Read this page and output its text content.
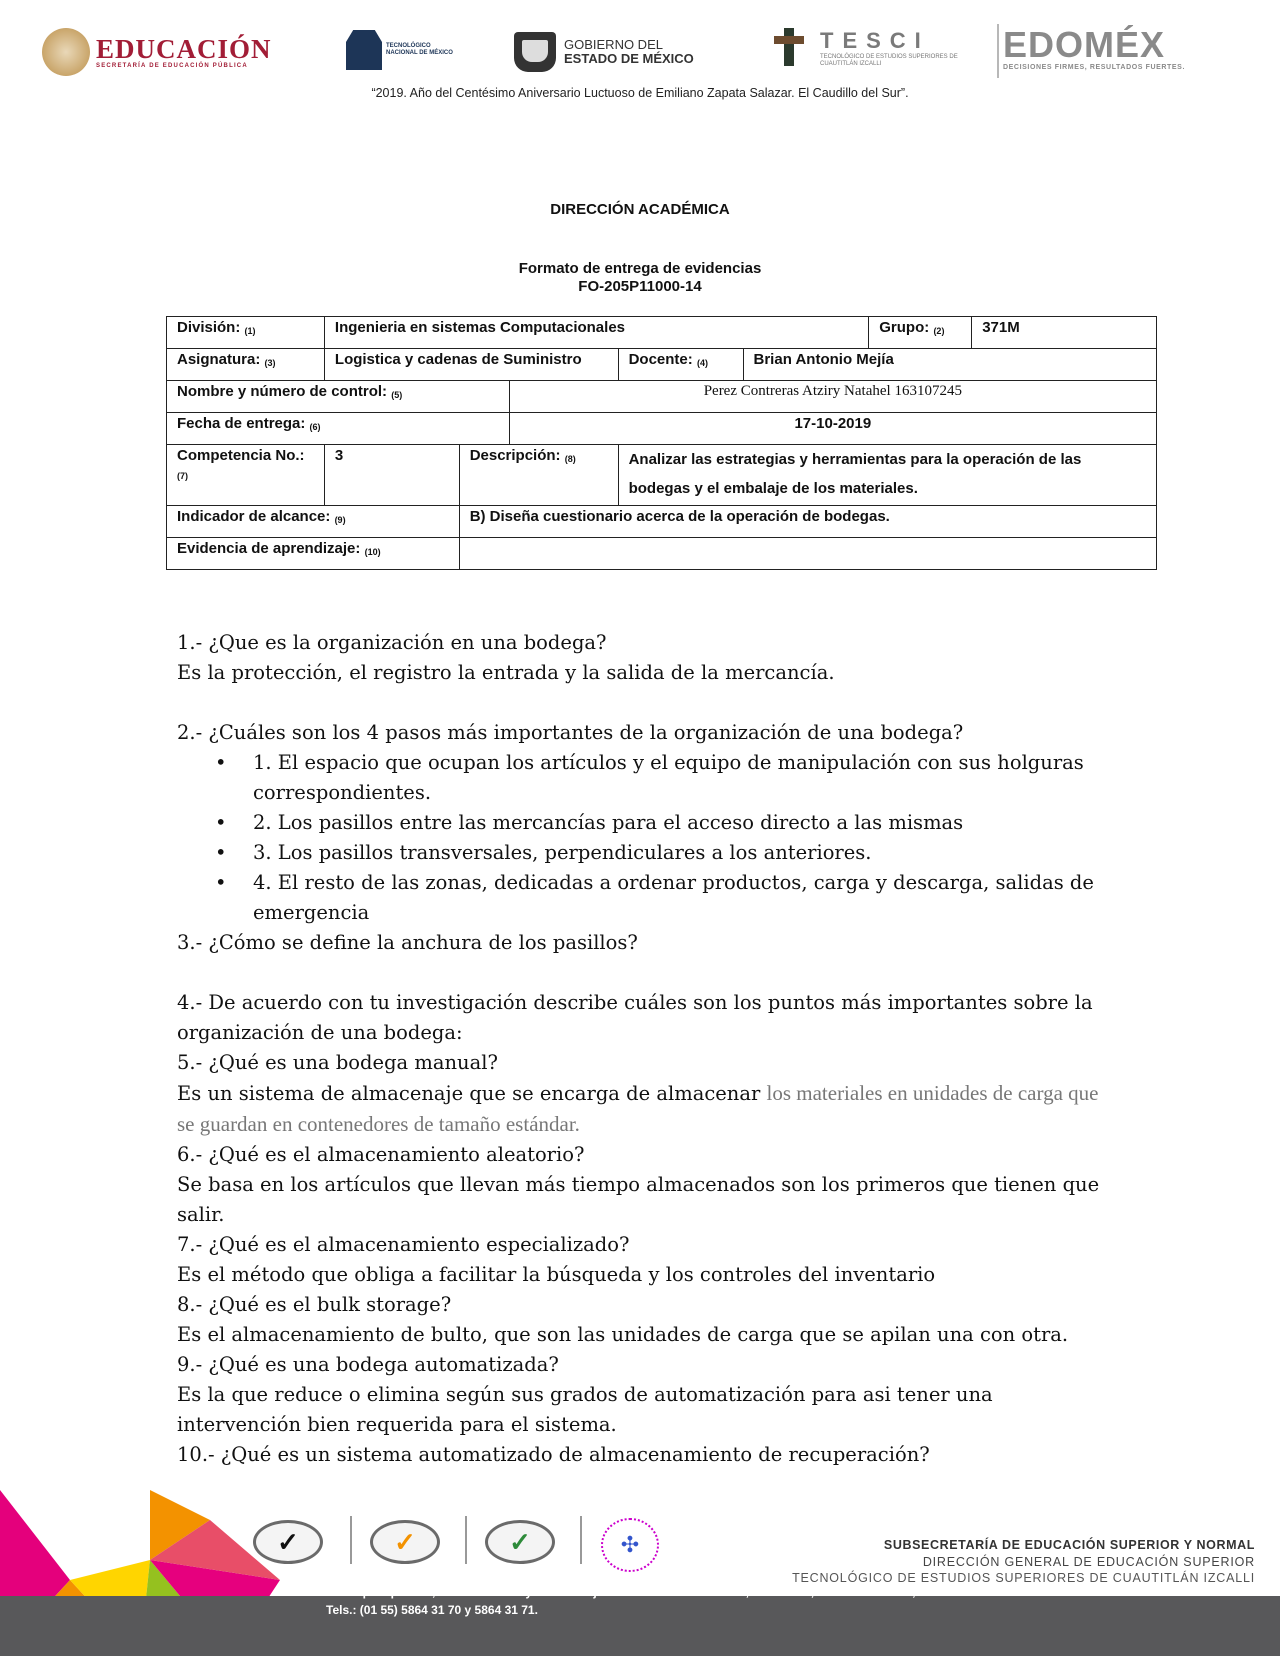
EDUCACIÓN
SECRETARÍA DE EDUCACIÓN PÚBLICA
TECNOLÓGICO NACIONAL DE MÉXICO
GOBIERNO DEL
ESTADO DE MÉXICO
TESCI
TECNOLÓGICO DE ESTUDIOS SUPERIORES DE CUAUTITLÁN IZCALLI	EDOMÉX
DECISIONES FIRMES, RESULTADOS FUERTES.
“2019. Año del Centésimo Aniversario Luctuoso de Emiliano Zapata Salazar. El Caudillo del Sur”.
DIRECCIÓN ACADÉMICA
Formato de entrega de evidencias
FO-205P11000-14
División: $_{(1)}$	Ingenieria en sistemas Computacionales					Grupo: $_{(2)}$	371M
Asignatura: $_{(3)}$	Logistica y cadenas de Suministro			Docente: $_{(4)}$	Brian Antonio Mejía		
Nombre y número de control: $_{(5)}$			Perez Contreras Atziry Natahel 163107245				
Fecha de entrega: $_{(6)}$			17-10-2019				
Competencia No.: $_{(7)}$	3	Descripción: $_{(8)}$		Analizar las estrategias y herramientas para la operación de las bodegas y el embalaje de los materiales.			
Indicador de alcance: $_{(9)}$		B) Diseña cuestionario acerca de la operación de bodegas.					
Evidencia de aprendizaje: $_{(10)}$	

1.- ¿Que es la organización en una bodega?

Es la protección, el registro la entrada y la salida de la mercancía.

2.- ¿Cuáles son los 4 pasos más importantes de la organización de una bodega?

• 1. El espacio que ocupan los artículos y el equipo de manipulación con sus holguras correspondientes.
• 2. Los pasillos entre las mercancías para el acceso directo a las mismas
• 3. Los pasillos transversales, perpendiculares a los anteriores.
• 4. El resto de las zonas, dedicadas a ordenar productos, carga y descarga, salidas de emergencia

3.- ¿Cómo se define la anchura de los pasillos?

4.- De acuerdo con tu investigación describe cuáles son los puntos más importantes sobre la organización de una bodega:

5.- ¿Qué es una bodega manual?

Es un sistema de almacenaje que se encarga de almacenar los materiales en unidades de carga que se guardan en contenedores de tamaño estándar.

6.- ¿Qué es el almacenamiento aleatorio?

Se basa en los artículos que llevan más tiempo almacenados son los primeros que tienen que salir.

7.- ¿Qué es el almacenamiento especializado?

Es el método que obliga a facilitar la búsqueda y los controles del inventario

8.- ¿Qué es el bulk storage?

Es el almacenamiento de bulto, que son las unidades de carga que se apilan una con otra.

9.- ¿Qué es una bodega automatizada?

Es la que reduce o elimina según sus grados de automatización para asi tener una intervención bien requerida para el sistema.

10.- ¿Qué es un sistema automatizado de almacenamiento de recuperación?

✓	✓	✓	✣	SUBSECRETARÍA DE EDUCACIÓN SUPERIOR Y NORMAL
DIRECCIÓN GENERAL DE EDUCACIÓN SUPERIOR
TECNOLÓGICO DE ESTUDIOS SUPERIORES DE CUAUTITLÁN IZCALLI
Av. Nopaltepec s/n, Fracción La Coyotera del Ejido San Antonio Cuamatla, C.P. 54748, Cuautitlán Izcalli, Estado de México.
Tels.: (01 55) 5864 31 70 y 5864 31 71.
